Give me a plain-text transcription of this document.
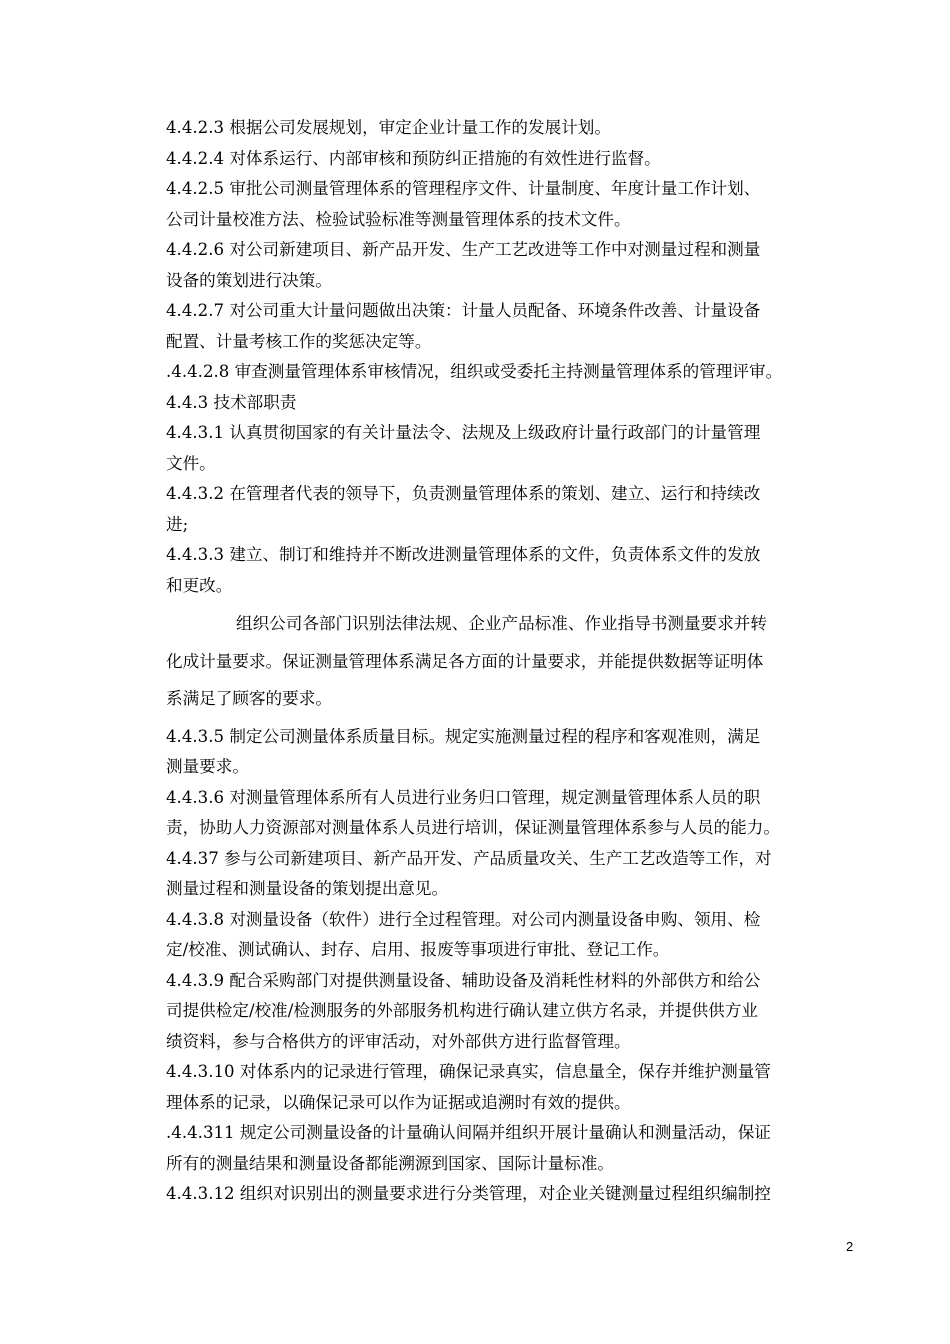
4.4.2.3 根据公司发展规划，审定企业计量工作的发展计划。

4.4.2.4 对体系运行、内部审核和预防纠正措施的有效性进行监督。

4.4.2.5 审批公司测量管理体系的管理程序文件、计量制度、年度计量工作计划、
公司计量校准方法、检验试验标准等测量管理体系的技术文件。

4.4.2.6 对公司新建项目、新产品开发、生产工艺改进等工作中对测量过程和测量
设备的策划进行决策。

4.4.2.7 对公司重大计量问题做出决策：计量人员配备、环境条件改善、计量设备
配置、计量考核工作的奖惩决定等。

.4.4.2.8 审查测量管理体系审核情况，组织或受委托主持测量管理体系的管理评审。

4.4.3 技术部职责

4.4.3.1 认真贯彻国家的有关计量法令、法规及上级政府计量行政部门的计量管理
文件。

4.4.3.2 在管理者代表的领导下，负责测量管理体系的策划、建立、运行和持续改
进;

4.4.3.3 建立、制订和维持并不断改进测量管理体系的文件，负责体系文件的发放
和更改。

组织公司各部门识别法律法规、企业产品标准、作业指导书测量要求并转
化成计量要求。保证测量管理体系满足各方面的计量要求，并能提供数据等证明体
系满足了顾客的要求。

4.4.3.5 制定公司测量体系质量目标。规定实施测量过程的程序和客观准则，满足
测量要求。

4.4.3.6 对测量管理体系所有人员进行业务归口管理，规定测量管理体系人员的职
责，协助人力资源部对测量体系人员进行培训，保证测量管理体系参与人员的能力。

4.4.37 参与公司新建项目、新产品开发、产品质量攻关、生产工艺改造等工作，对
测量过程和测量设备的策划提出意见。

4.4.3.8 对测量设备（软件）进行全过程管理。对公司内测量设备申购、领用、检
定/校准、测试确认、封存、启用、报废等事项进行审批、登记工作。

4.4.3.9 配合采购部门对提供测量设备、辅助设备及消耗性材料的外部供方和给公
司提供检定/校准/检测服务的外部服务机构进行确认建立供方名录，并提供供方业
绩资料，参与合格供方的评审活动，对外部供方进行监督管理。

4.4.3.10 对体系内的记录进行管理，确保记录真实，信息量全，保存并维护测量管
理体系的记录，以确保记录可以作为证据或追溯时有效的提供。

.4.4.311 规定公司测量设备的计量确认间隔并组织开展计量确认和测量活动，保证
所有的测量结果和测量设备都能溯源到国家、国际计量标准。

4.4.3.12 组织对识别出的测量要求进行分类管理，对企业关键测量过程组织编制控

2
